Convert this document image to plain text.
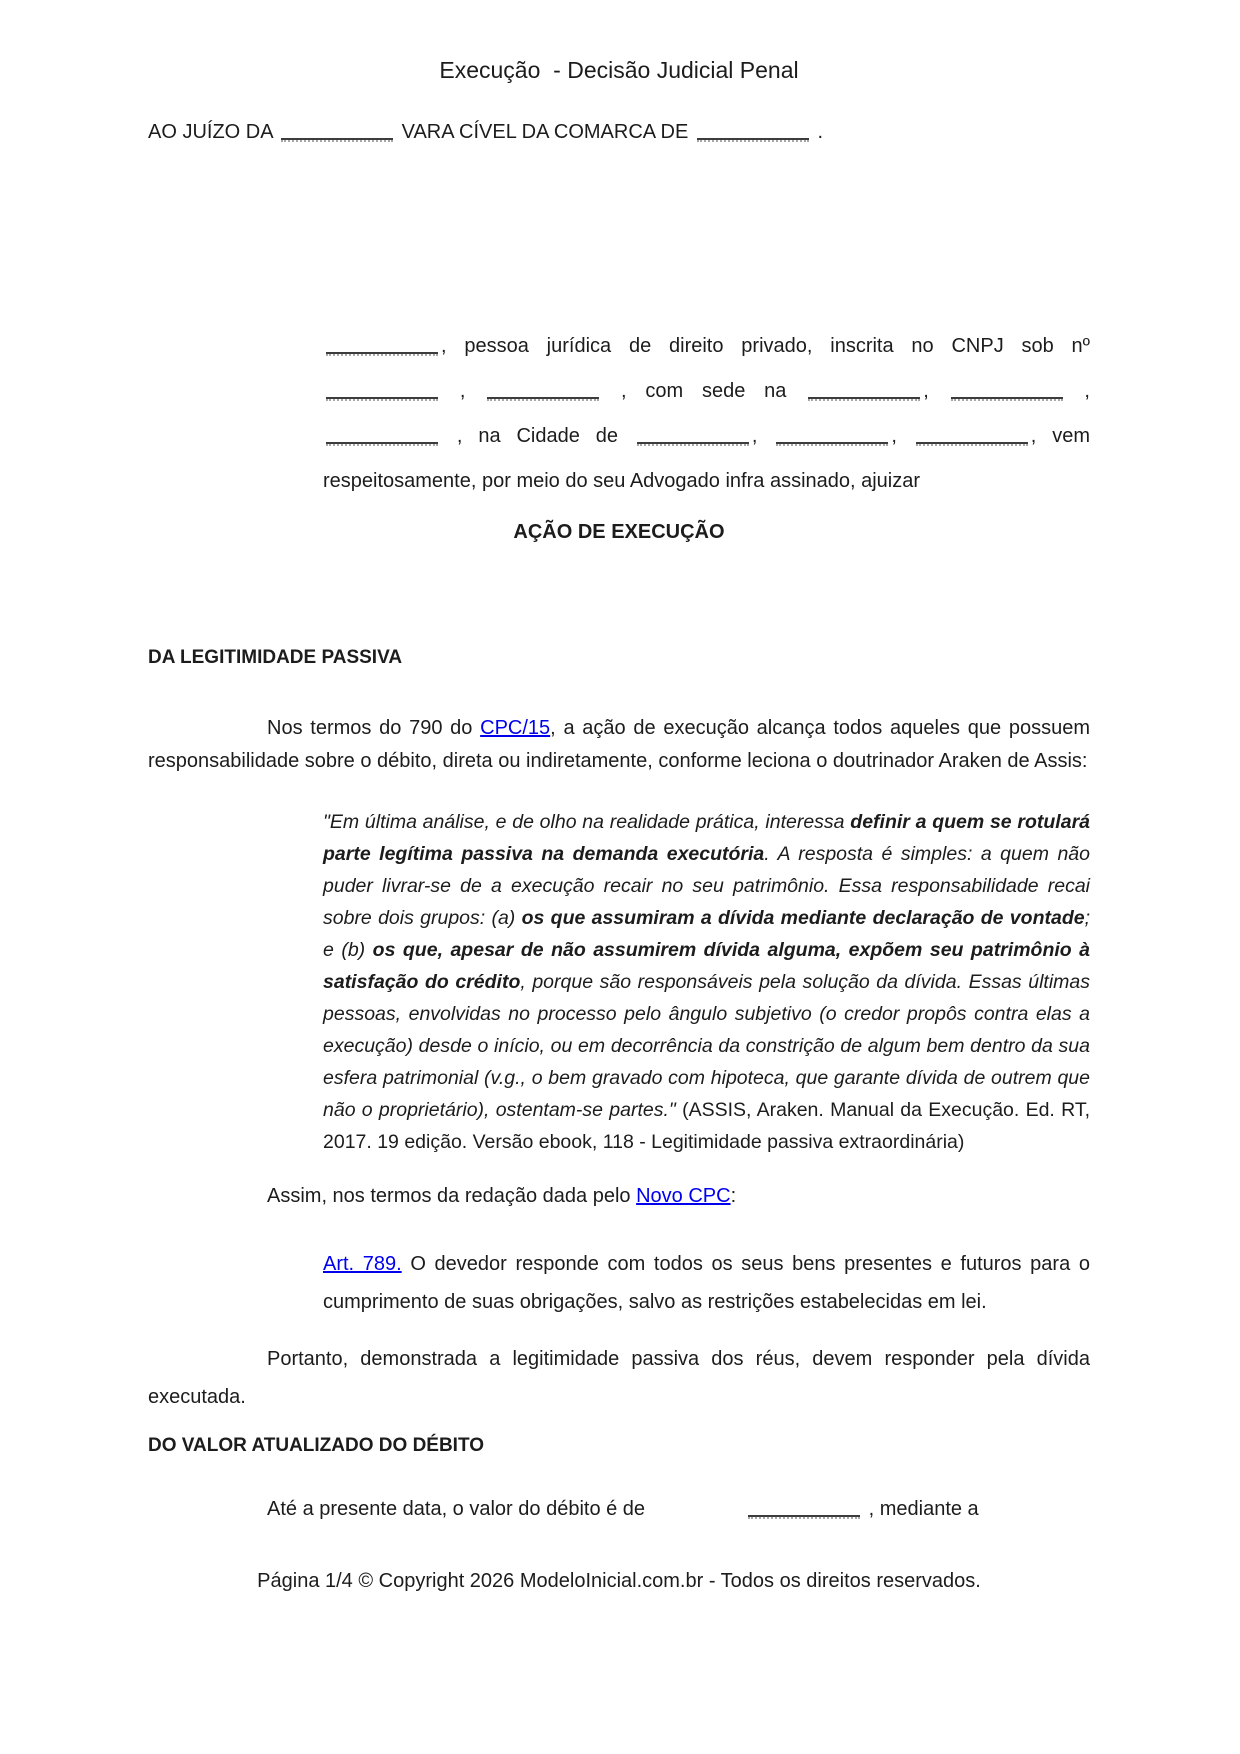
Execução  - Decisão Judicial Penal

AO JUÍZO DA	VARA CÍVEL DA COMARCA DE	.

, pessoa jurídica de direito privado, inscrita no CNPJ sob nº  ,	, com sede na	,	,  , na Cidade de	,	,	, vem respeitosamente, por meio do seu Advogado infra assinado, ajuizar

AÇÃO DE EXECUÇÃO

DA LEGITIMIDADE PASSIVA

Nos termos do 790 do CPC/15, a ação de execução alcança todos aqueles que possuem responsabilidade sobre o débito, direta ou indiretamente, conforme leciona o doutrinador Araken de Assis:

"Em última análise, e de olho na realidade prática, interessa definir a quem se rotulará parte legítima passiva na demanda executória. A resposta é simples: a quem não puder livrar-se de a execução recair no seu patrimônio. Essa responsabilidade recai sobre dois grupos: (a) os que assumiram a dívida mediante declaração de vontade; e (b) os que, apesar de não assumirem dívida alguma, expõem seu patrimônio à satisfação do crédito, porque são responsáveis pela solução da dívida. Essas últimas pessoas, envolvidas no processo pelo ângulo subjetivo (o credor propôs contra elas a execução) desde o início, ou em decorrência da constrição de algum bem dentro da sua esfera patrimonial (v.g., o bem gravado com hipoteca, que garante dívida de outrem que não o proprietário), ostentam-se partes." (ASSIS, Araken. Manual da Execução. Ed. RT, 2017. 19 edição. Versão ebook, 118 - Legitimidade passiva extraordinária)

Assim, nos termos da redação dada pelo Novo CPC:

Art. 789. O devedor responde com todos os seus bens presentes e futuros para o cumprimento de suas obrigações, salvo as restrições estabelecidas em lei.

Portanto, demonstrada a legitimidade passiva dos réus, devem responder pela dívida executada.

DO VALOR ATUALIZADO DO DÉBITO

Até a presente data, o valor do débito é de	, mediante a

Página 1/4 © Copyright 2026 ModeloInicial.com.br - Todos os direitos reservados.
